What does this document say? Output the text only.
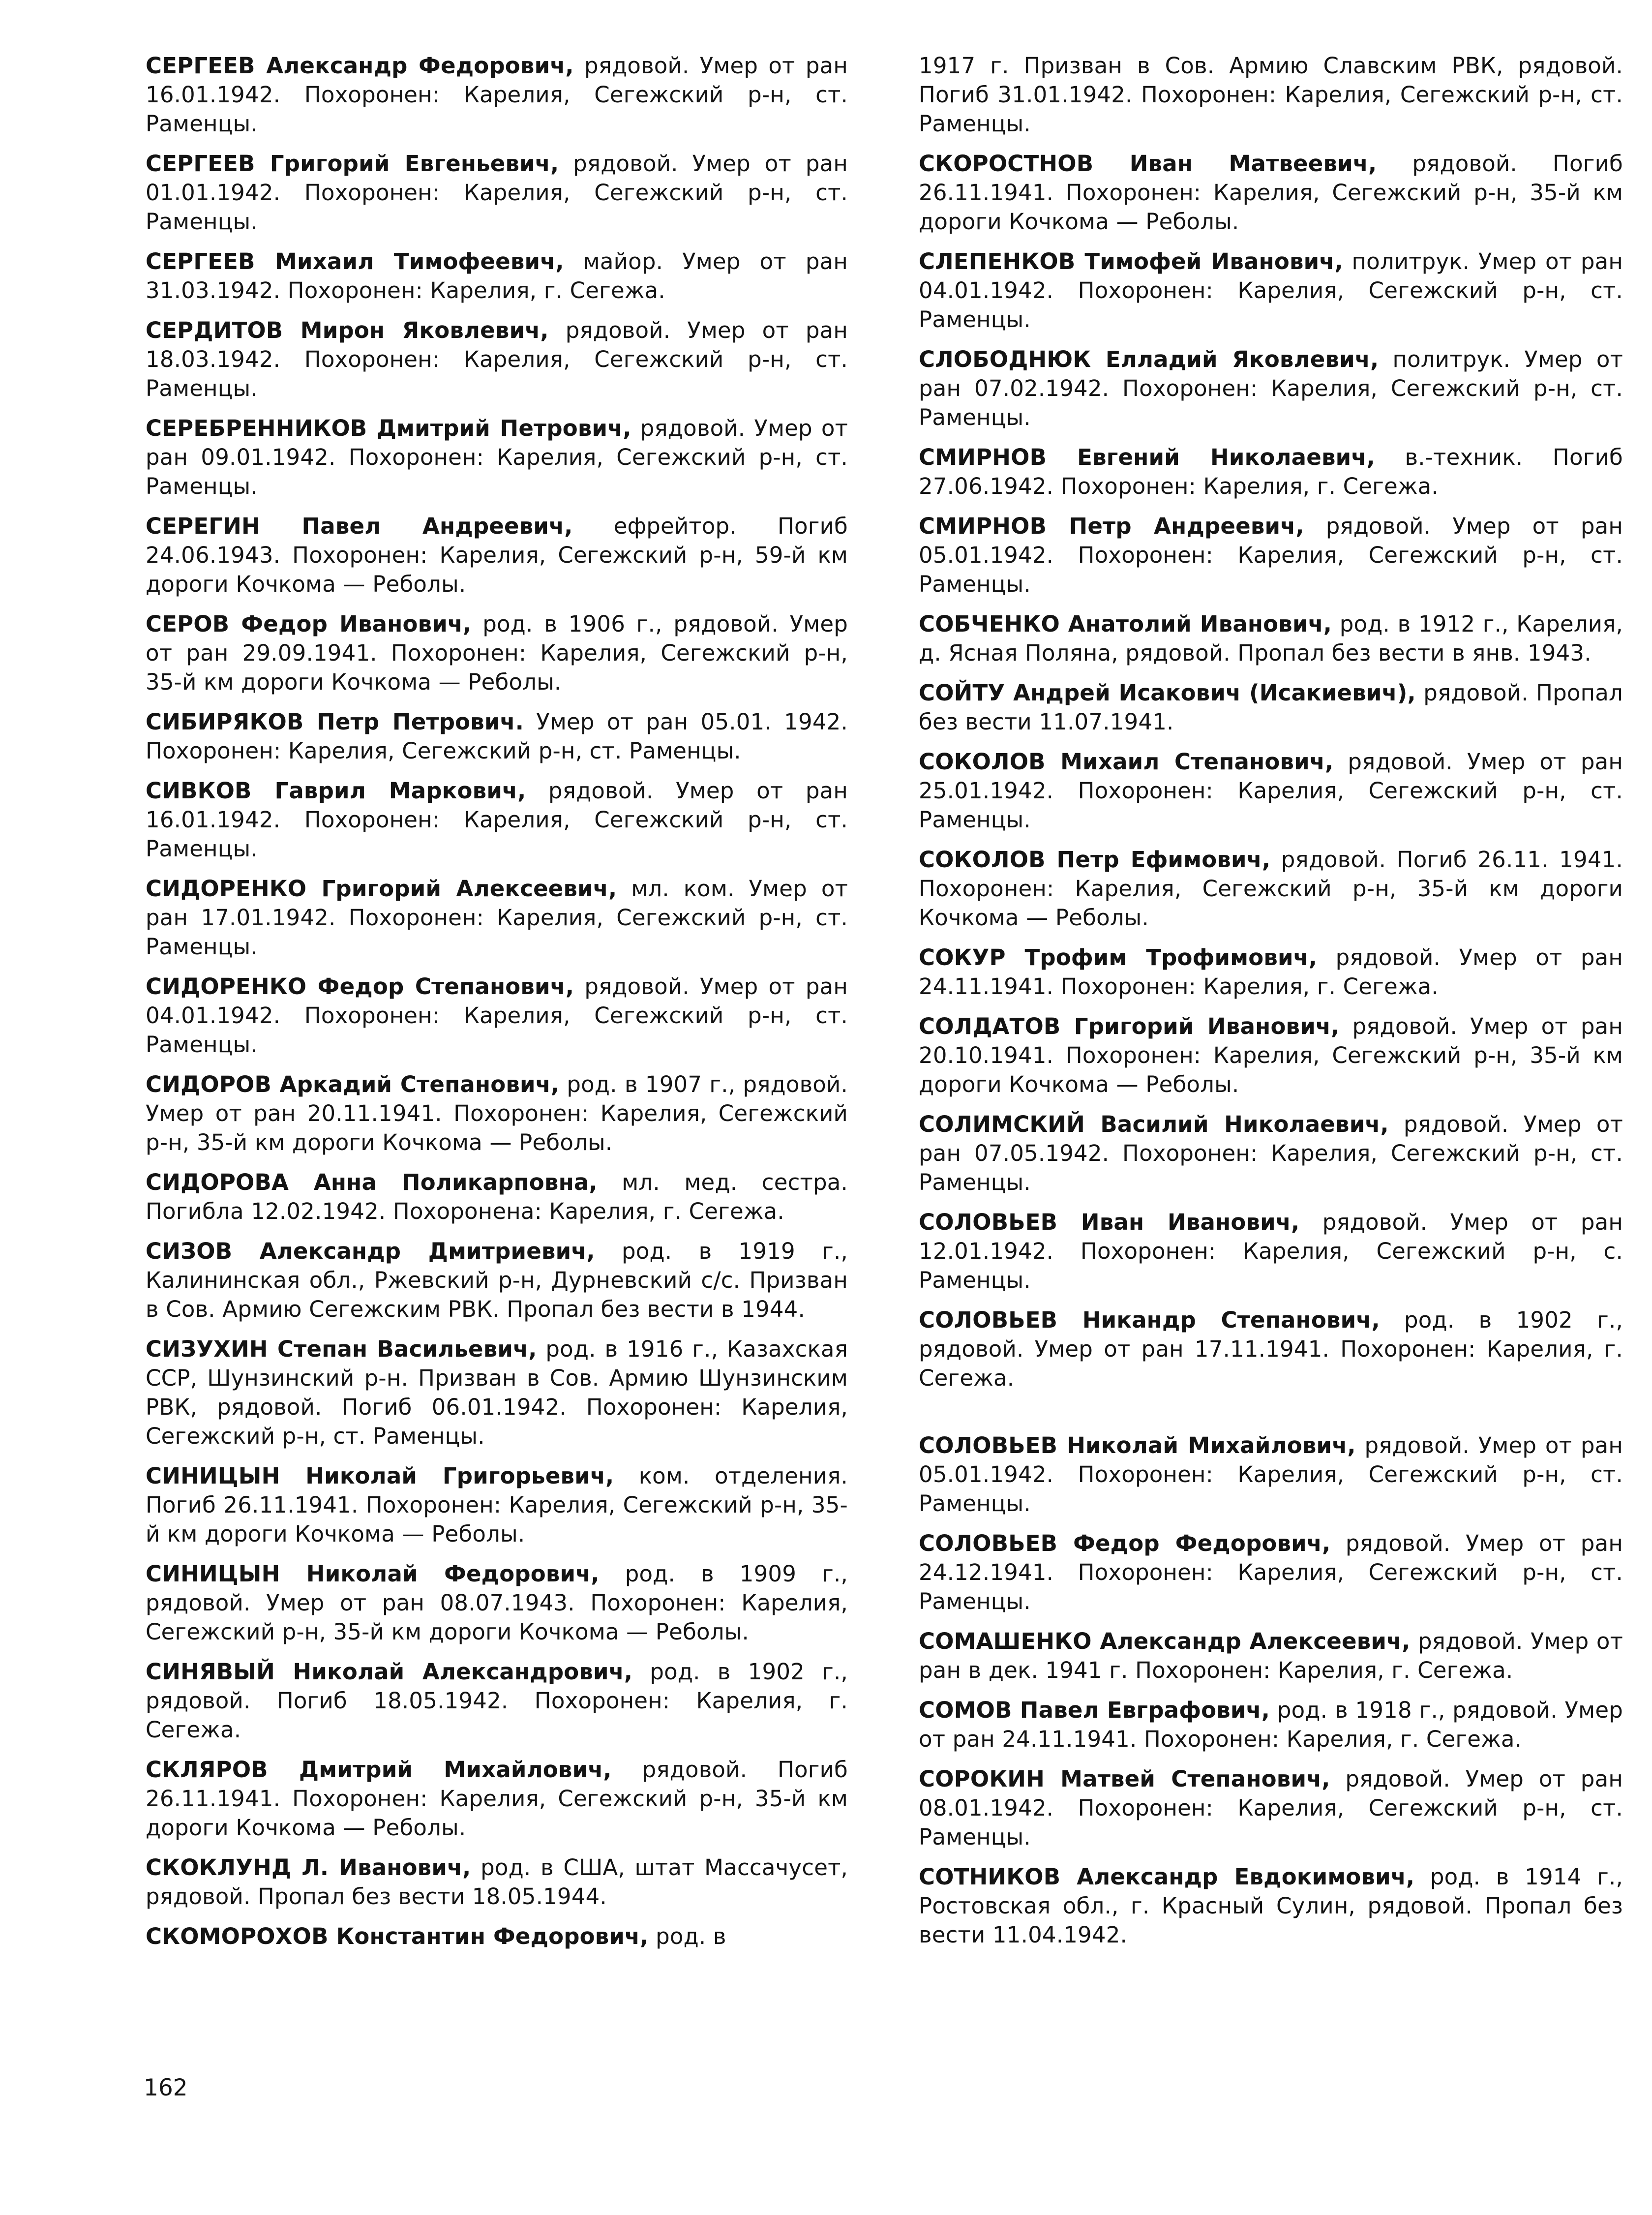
СЕРГЕЕВ Александр Федорович, рядовой. Умер от ран 16.01.1942. Похоронен: Карелия, Сегежский р-н, ст. Раменцы.

СЕРГЕЕВ Григорий Евгеньевич, рядовой. Умер от ран 01.01.1942. Похоронен: Карелия, Сегежский р-н, ст. Раменцы.

СЕРГЕЕВ Михаил Тимофеевич, майор. Умер от ран 31.03.1942. Похоронен: Карелия, г. Сегежа.

СЕРДИТОВ Мирон Яковлевич, рядовой. Умер от ран 18.03.1942. Похоронен: Карелия, Сегежский р-н, ст. Раменцы.

СЕРЕБРЕННИКОВ Дмитрий Петрович, рядовой. Умер от ран 09.01.1942. Похоронен: Карелия, Сегежский р-н, ст. Раменцы.

СЕРЕГИН Павел Андреевич, ефрейтор. Погиб 24.06.1943. Похоронен: Карелия, Сегежский р-н, 59-й км дороги Кочкома — Реболы.

СЕРОВ Федор Иванович, род. в 1906 г., рядовой. Умер от ран 29.09.1941. Похоронен: Карелия, Сегежский р-н, 35-й км дороги Кочкома — Реболы.

СИБИРЯКОВ Петр Петрович. Умер от ран 05.01. 1942. Похоронен: Карелия, Сегежский р-н, ст. Раменцы.

СИВКОВ Гаврил Маркович, рядовой. Умер от ран 16.01.1942. Похоронен: Карелия, Сегежский р-н, ст. Раменцы.

СИДОРЕНКО Григорий Алексеевич, мл. ком. Умер от ран 17.01.1942. Похоронен: Карелия, Сегежский р-н, ст. Раменцы.

СИДОРЕНКО Федор Степанович, рядовой. Умер от ран 04.01.1942. Похоронен: Карелия, Сегежский р-н, ст. Раменцы.

СИДОРОВ Аркадий Степанович, род. в 1907 г., рядовой. Умер от ран 20.11.1941. Похоронен: Карелия, Сегежский р-н, 35-й км дороги Кочкома — Реболы.

СИДОРОВА Анна Поликарповна, мл. мед. сестра. Погибла 12.02.1942. Похоронена: Карелия, г. Сегежа.

СИЗОВ Александр Дмитриевич, род. в 1919 г., Калининская обл., Ржевский р-н, Дурневский с/с. Призван в Сов. Армию Сегежским РВК. Пропал без вести в 1944.

СИЗУХИН Степан Васильевич, род. в 1916 г., Казахская ССР, Шунзинский р-н. Призван в Сов. Армию Шунзинским РВК, рядовой. Погиб 06.01.1942. Похоронен: Карелия, Сегежский р-н, ст. Раменцы.

СИНИЦЫН Николай Григорьевич, ком. отделения. Погиб 26.11.1941. Похоронен: Карелия, Сегежский р-н, 35-й км дороги Кочкома — Реболы.

СИНИЦЫН Николай Федорович, род. в 1909 г., рядовой. Умер от ран 08.07.1943. Похоронен: Карелия, Сегежский р-н, 35-й км дороги Кочкома — Реболы.

СИНЯВЫЙ Николай Александрович, род. в 1902 г., рядовой. Погиб 18.05.1942. Похоронен: Карелия, г. Сегежа.

СКЛЯРОВ Дмитрий Михайлович, рядовой. Погиб 26.11.1941. Похоронен: Карелия, Сегежский р-н, 35-й км дороги Кочкома — Реболы.

СКОКЛУНД Л. Иванович, род. в США, штат Массачусет, рядовой. Пропал без вести 18.05.1944.

СКОМОРОХОВ Константин Федорович, род. в

1917 г. Призван в Сов. Армию Славским РВК, рядовой. Погиб 31.01.1942. Похоронен: Карелия, Сегежский р-н, ст. Раменцы.

СКОРОСТНОВ Иван Матвеевич, рядовой. Погиб 26.11.1941. Похоронен: Карелия, Сегежский р-н, 35-й км дороги Кочкома — Реболы.

СЛЕПЕНКОВ Тимофей Иванович, политрук. Умер от ран 04.01.1942. Похоронен: Карелия, Сегежский р-н, ст. Раменцы.

СЛОБОДНЮК Елладий Яковлевич, политрук. Умер от ран 07.02.1942. Похоронен: Карелия, Сегежский р-н, ст. Раменцы.

СМИРНОВ Евгений Николаевич, в.-техник. Погиб 27.06.1942. Похоронен: Карелия, г. Сегежа.

СМИРНОВ Петр Андреевич, рядовой. Умер от ран 05.01.1942. Похоронен: Карелия, Сегежский р-н, ст. Раменцы.

СОБЧЕНКО Анатолий Иванович, род. в 1912 г., Карелия, д. Ясная Поляна, рядовой. Пропал без вести в янв. 1943.

СОЙТУ Андрей Исакович (Исакиевич), рядовой. Пропал без вести 11.07.1941.

СОКОЛОВ Михаил Степанович, рядовой. Умер от ран 25.01.1942. Похоронен: Карелия, Сегежский р-н, ст. Раменцы.

СОКОЛОВ Петр Ефимович, рядовой. Погиб 26.11. 1941. Похоронен: Карелия, Сегежский р-н, 35-й км дороги Кочкома — Реболы.

СОКУР Трофим Трофимович, рядовой. Умер от ран 24.11.1941. Похоронен: Карелия, г. Сегежа.

СОЛДАТОВ Григорий Иванович, рядовой. Умер от ран 20.10.1941. Похоронен: Карелия, Сегежский р-н, 35-й км дороги Кочкома — Реболы.

СОЛИМСКИЙ Василий Николаевич, рядовой. Умер от ран 07.05.1942. Похоронен: Карелия, Сегежский р-н, ст. Раменцы.

СОЛОВЬЕВ Иван Иванович, рядовой. Умер от ран 12.01.1942. Похоронен: Карелия, Сегежский р-н, с. Раменцы.

СОЛОВЬЕВ Никандр Степанович, род. в 1902 г., рядовой. Умер от ран 17.11.1941. Похоронен: Карелия, г. Сегежа.

СОЛОВЬЕВ Николай Михайлович, рядовой. Умер от ран 05.01.1942. Похоронен: Карелия, Сегежский р-н, ст. Раменцы.

СОЛОВЬЕВ Федор Федорович, рядовой. Умер от ран 24.12.1941. Похоронен: Карелия, Сегежский р-н, ст. Раменцы.

СОМАШЕНКО Александр Алексеевич, рядовой. Умер от ран в дек. 1941 г. Похоронен: Карелия, г. Сегежа.

СОМОВ Павел Евграфович, род. в 1918 г., рядовой. Умер от ран 24.11.1941. Похоронен: Карелия, г. Сегежа.

СОРОКИН Матвей Степанович, рядовой. Умер от ран 08.01.1942. Похоронен: Карелия, Сегежский р-н, ст. Раменцы.

СОТНИКОВ Александр Евдокимович, род. в 1914 г., Ростовская обл., г. Красный Сулин, рядовой. Пропал без вести 11.04.1942.

162
